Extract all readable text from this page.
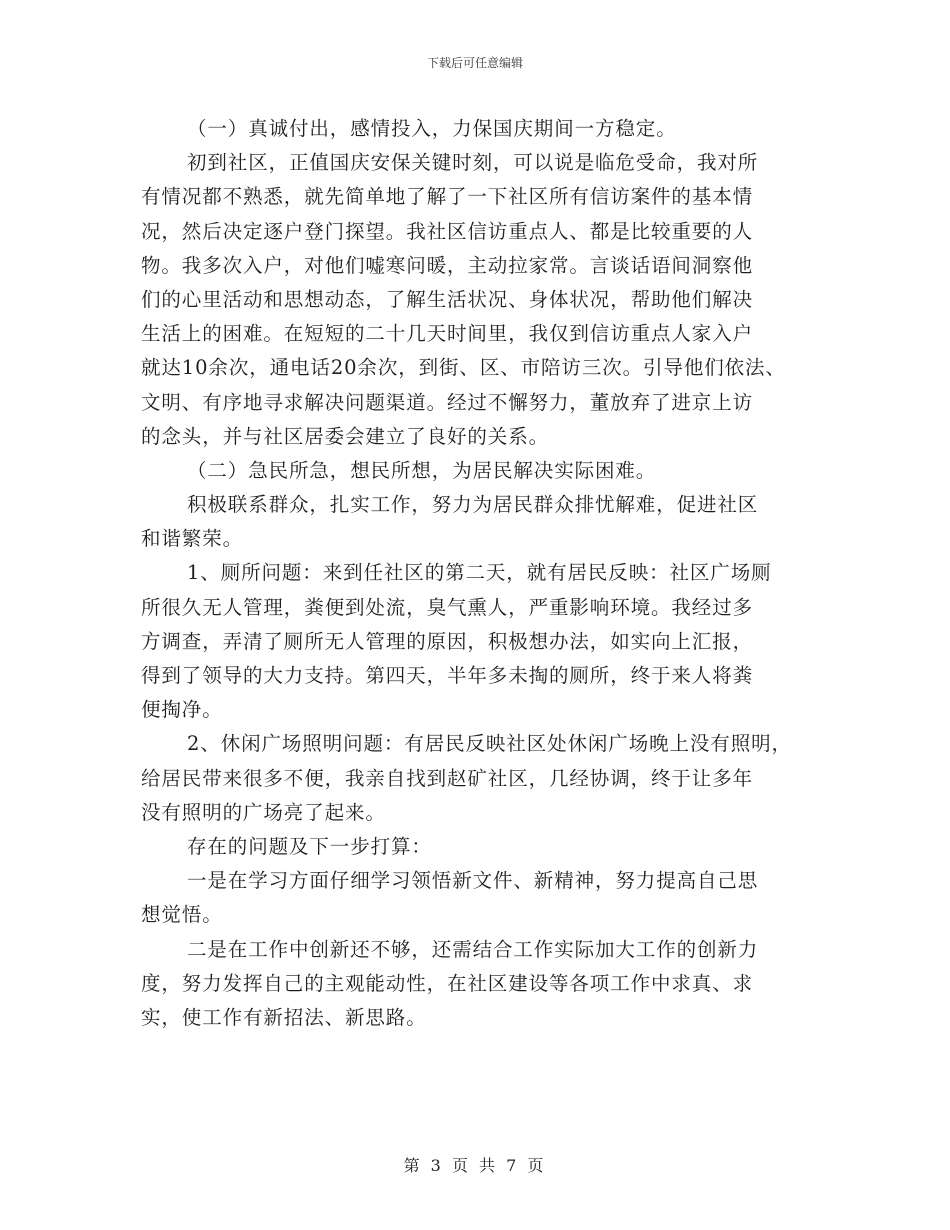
下载后可任意编辑
（一）真诚付出，感情投入，力保国庆期间一方稳定。
初到社区，正值国庆安保关键时刻，可以说是临危受命，我对所
有情况都不熟悉，就先简单地了解了一下社区所有信访案件的基本情
况，然后决定逐户登门探望。我社区信访重点人、都是比较重要的人
物。我多次入户，对他们嘘寒问暖，主动拉家常。言谈话语间洞察他
们的心里活动和思想动态，了解生活状况、身体状况，帮助他们解决
生活上的困难。在短短的二十几天时间里，我仅到信访重点人家入户
就达10余次，通电话20余次，到街、区、市陪访三次。引导他们依法、
文明、有序地寻求解决问题渠道。经过不懈努力，董放弃了进京上访
的念头，并与社区居委会建立了良好的关系。
（二）急民所急，想民所想，为居民解决实际困难。
积极联系群众，扎实工作，努力为居民群众排忧解难，促进社区
和谐繁荣。
1、厕所问题：来到任社区的第二天，就有居民反映：社区广场厕
所很久无人管理，粪便到处流，臭气熏人，严重影响环境。我经过多
方调查，弄清了厕所无人管理的原因，积极想办法，如实向上汇报，
得到了领导的大力支持。第四天，半年多未掏的厕所，终于来人将粪
便掏净。
2、休闲广场照明问题：有居民反映社区处休闲广场晚上没有照明，
给居民带来很多不便，我亲自找到赵矿社区，几经协调，终于让多年
没有照明的广场亮了起来。
存在的问题及下一步打算：
一是在学习方面仔细学习领悟新文件、新精神，努力提高自己思
想觉悟。
二是在工作中创新还不够，还需结合工作实际加大工作的创新力
度，努力发挥自己的主观能动性，在社区建设等各项工作中求真、求
实，使工作有新招法、新思路。
第 3 页 共 7 页
